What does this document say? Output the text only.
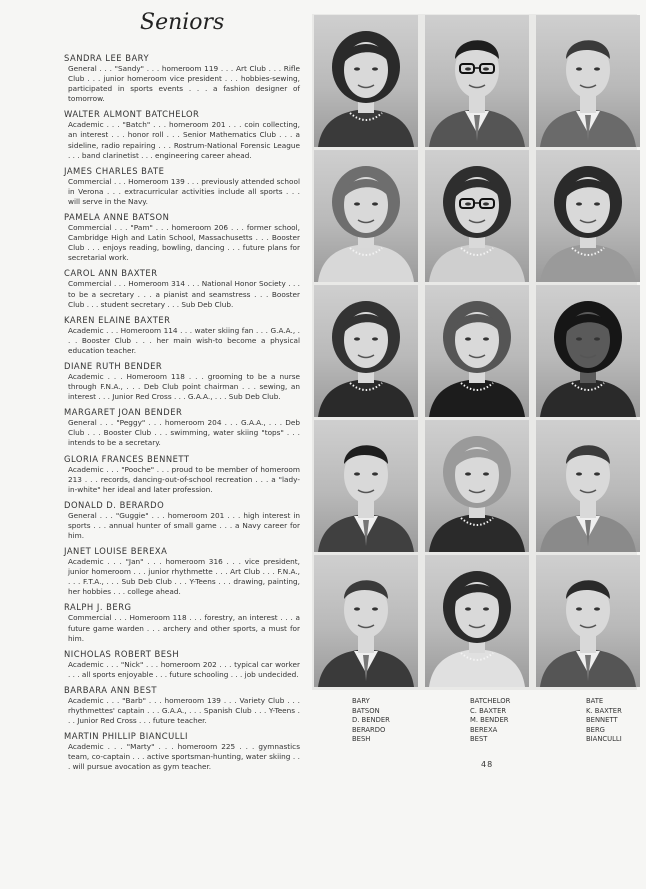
Seniors
SANDRA LEE BARY
General . . . "Sandy" . . . homeroom 119 . . . Art Club . . . Rifle Club . . . junior homeroom vice president . . . hobbies-sewing, participated in sports events . . . a fashion designer of tomorrow.
WALTER ALMONT BATCHELOR
Academic . . . "Batch" . . . homeroom 201 . . . coin collecting, an interest . . . honor roll . . . Senior Mathematics Club . . . a sideline, radio repairing . . . Rostrum-National Forensic League . . . band clarinetist . . . engineering career ahead.
JAMES CHARLES BATE
Commercial . . . Homeroom 139 . . . previously attended school in Verona . . . extracurricular activities include all sports . . . will serve in the Navy.
PAMELA ANNE BATSON
Commercial . . . "Pam" . . . homeroom 206 . . . former school, Cambridge High and Latin School, Massachusetts . . . Booster Club . . . enjoys reading, bowling, dancing . . . future plans for secretarial work.
CAROL ANN BAXTER
Commercial . . . Homeroom 314 . . . National Honor Society . . . to be a secretary . . . a pianist and seamstress . . . Booster Club . . . student secretary . . . Sub Deb Club.
KAREN ELAINE BAXTER
Academic . . . Homeroom 114 . . . water skiing fan . . . G.A.A., . . . Booster Club . . . her main wish-to become a physical education teacher.
DIANE RUTH BENDER
Academic . . . Homeroom 118 . . . grooming to be a nurse through F.N.A., . . . Deb Club point chairman . . . sewing, an interest . . . Junior Red Cross . . . G.A.A., . . . Sub Deb Club.
MARGARET JOAN BENDER
General . . . "Peggy" . . . homeroom 204 . . . G.A.A., . . . Deb Club . . . Booster Club . . . swimming, water skiing "tops" . . . intends to be a secretary.
GLORIA FRANCES BENNETT
Academic . . . "Pooche" . . . proud to be member of homeroom 213 . . . records, dancing-out-of-school recreation . . . a "lady-in-white" her ideal and later profession.
DONALD D. BERARDO
General . . . "Guggie" . . . homeroom 201 . . . high interest in sports . . . annual hunter of small game . . . a Navy career for him.
JANET LOUISE BEREXA
Academic . . . "Jan" . . . homeroom 316 . . . vice president, junior homeroom . . . junior rhythmette . . . Art Club . . . F.N.A., . . . F.T.A., . . . Sub Deb Club . . . Y-Teens . . . drawing, painting, her hobbies . . . college ahead.
RALPH J. BERG
Commercial . . . Homeroom 118 . . . forestry, an interest . . . a future game warden . . . archery and other sports, a must for him.
NICHOLAS ROBERT BESH
Academic . . . "Nick" . . . homeroom 202 . . . typical car worker . . . all sports enjoyable . . . future schooling . . . job undecided.
BARBARA ANN BEST
Academic . . . "Barb" . . . homeroom 139 . . . Variety Club . . . rhythmettes' captain . . . G.A.A., . . . Spanish Club . . . Y-Teens . . . Junior Red Cross . . . future teacher.
MARTIN PHILLIP BIANCULLI
Academic . . . "Marty" . . . homeroom 225 . . . gymnastics team, co-captain . . . active sportsman-hunting, water skiing . . . will pursue avocation as gym teacher.
BARY
BATSON
D. BENDER
BERARDO
BESH
BATCHELOR
C. BAXTER
M. BENDER
BEREXA
BEST
BATE
K. BAXTER
BENNETT
BERG
BIANCULLI
48
